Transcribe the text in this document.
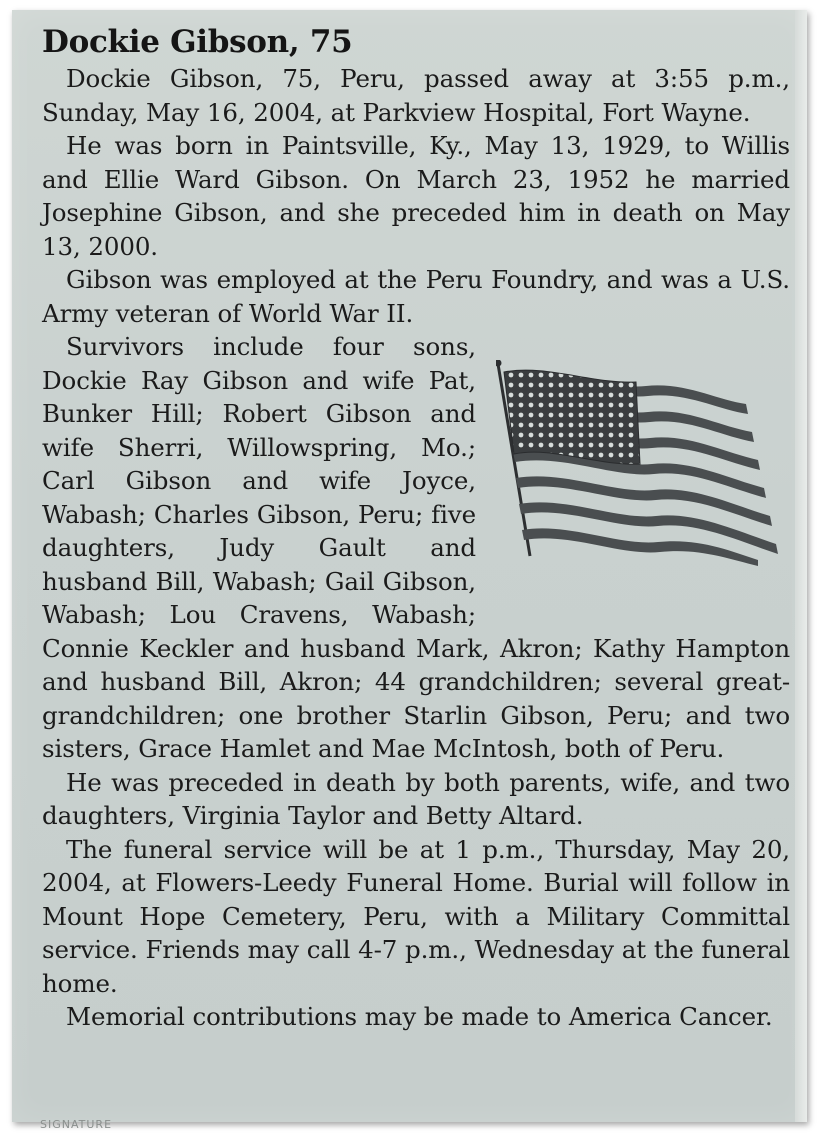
Dockie Gibson, 75

Dockie Gibson, 75, Peru, passed away at 3:55 p.m., Sunday, May 16, 2004, at Parkview Hospital, Fort Wayne.

He was born in Paintsville, Ky., May 13, 1929, to Willis and Ellie Ward Gibson. On March 23, 1952 he married Josephine Gibson, and she preceded him in death on May 13, 2000.

Gibson was employed at the Peru Foundry, and was a U.S. Army veteran of World War II.

Survivors include four sons, Dockie Ray Gibson and wife Pat, Bunker Hill; Robert Gibson and wife Sherri, Willowspring, Mo.; Carl Gibson and wife Joyce, Wabash; Charles Gibson, Peru; five daughters, Judy Gault and husband Bill, Wabash; Gail Gibson, Wabash; Lou Cravens, Wabash; Connie Keckler and husband Mark, Akron; Kathy Hampton and husband Bill, Akron; 44 grandchildren; several great-grandchildren; one brother Starlin Gibson, Peru; and two sisters, Grace Hamlet and Mae McIntosh, both of Peru.

He was preceded in death by both parents, wife, and two daughters, Virginia Taylor and Betty Altard.

The funeral service will be at 1 p.m., Thursday, May 20, 2004, at Flowers-Leedy Funeral Home. Burial will follow in Mount Hope Cemetery, Peru, with a Military Committal service. Friends may call 4-7 p.m., Wednesday at the funeral home.

Memorial contributions may be made to America Cancer.

SIGNATURE
